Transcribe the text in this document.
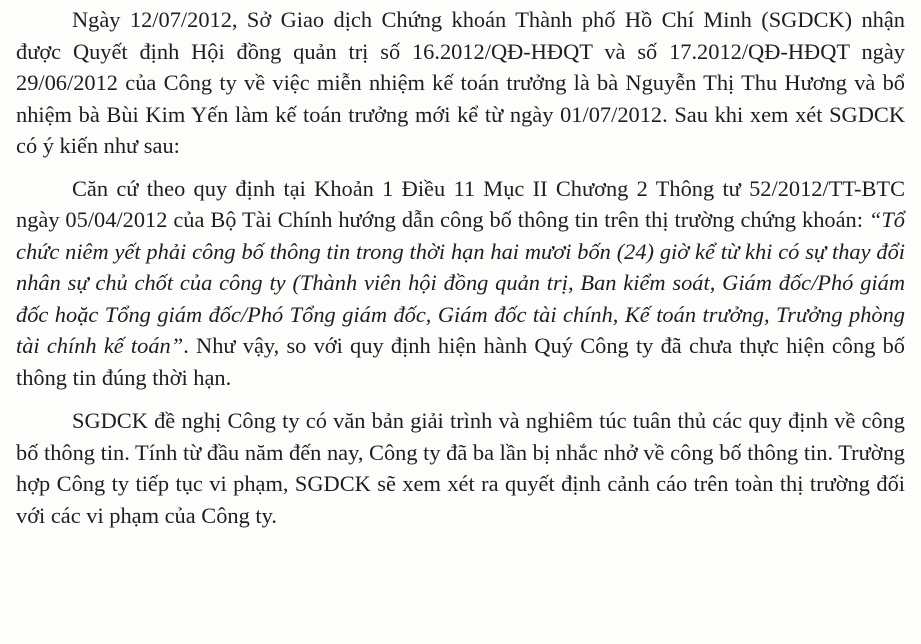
Ngày 12/07/2012, Sở Giao dịch Chứng khoán Thành phố Hồ Chí Minh (SGDCK) nhận được Quyết định Hội đồng quản trị số 16.2012/QĐ-HĐQT và số 17.2012/QĐ-HĐQT ngày 29/06/2012 của Công ty về việc miễn nhiệm kế toán trưởng là bà Nguyễn Thị Thu Hương và bổ nhiệm bà Bùi Kim Yến làm kế toán trưởng mới kể từ ngày 01/07/2012. Sau khi xem xét SGDCK có ý kiến như sau:

Căn cứ theo quy định tại Khoản 1 Điều 11 Mục II Chương 2 Thông tư 52/2012/TT-BTC ngày 05/04/2012 của Bộ Tài Chính hướng dẫn công bố thông tin trên thị trường chứng khoán: “Tổ chức niêm yết phải công bố thông tin trong thời hạn hai mươi bốn (24) giờ kể từ khi có sự thay đổi nhân sự chủ chốt của công ty (Thành viên hội đồng quản trị, Ban kiểm soát, Giám đốc/Phó giám đốc hoặc Tổng giám đốc/Phó Tổng giám đốc, Giám đốc tài chính, Kế toán trưởng, Trưởng phòng tài chính kế toán”. Như vậy, so với quy định hiện hành Quý Công ty đã chưa thực hiện công bố thông tin đúng thời hạn.

SGDCK đề nghị Công ty có văn bản giải trình và nghiêm túc tuân thủ các quy định về công bố thông tin. Tính từ đầu năm đến nay, Công ty đã ba lần bị nhắc nhở về công bố thông tin. Trường hợp Công ty tiếp tục vi phạm, SGDCK sẽ xem xét ra quyết định cảnh cáo trên toàn thị trường đối với các vi phạm của Công ty.
